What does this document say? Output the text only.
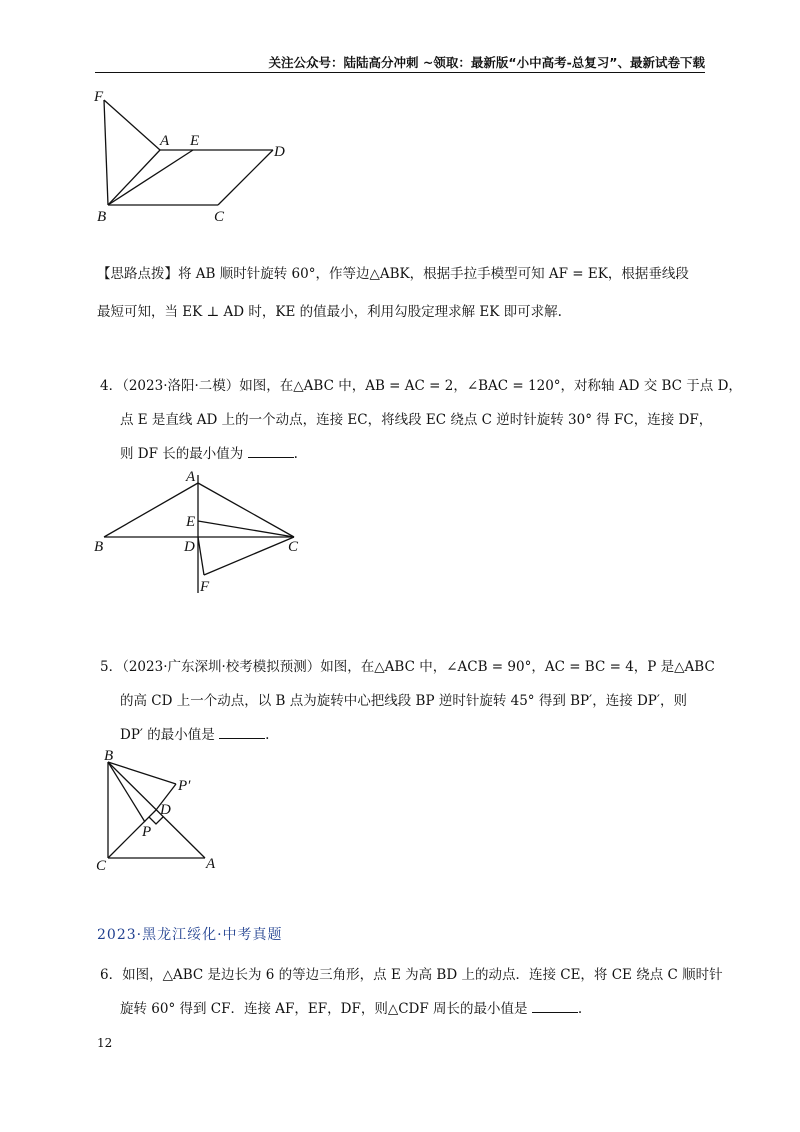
关注公众号：陆陆高分冲刺 ~领取：最新版“小中高考-总复习”、最新试卷下载
F
A E
D
B	C
【思路点拨】将 AB 顺时针旋转 60°，作等边△ABK，根据手拉手模型可知 AF = EK，根据垂线段
最短可知，当 EK ⊥ AD 时，KE 的值最小，利用勾股定理求解 EK 即可求解.
4．（2023·洛阳·二模）如图，在△ABC 中，AB = AC = 2，∠BAC = 120°，对称轴 AD 交 BC 于点 D，
点 E 是直线 AD 上的一个动点，连接 EC，将线段 EC 绕点 C 逆时针旋转 30° 得 FC，连接 DF，
则 DF 长的最小值为	.
A
E
B	D	C
F
5．（2023·广东深圳·校考模拟预测）如图，在△ABC 中，∠ACB = 90°，AC = BC = 4，P 是△ABC
的高 CD 上一个动点，以 B 点为旋转中心把线段 BP 逆时针旋转 45° 得到 BP′，连接 DP′，则
DP′ 的最小值是	.
B
P′
D
P
C	A
2023·黑龙江绥化·中考真题
6．如图，△ABC 是边长为 6 的等边三角形，点 E 为高 BD 上的动点．连接 CE，将 CE 绕点 C 顺时针
旋转 60° 得到 CF．连接 AF，EF，DF，则△CDF 周长的最小值是	.
12
